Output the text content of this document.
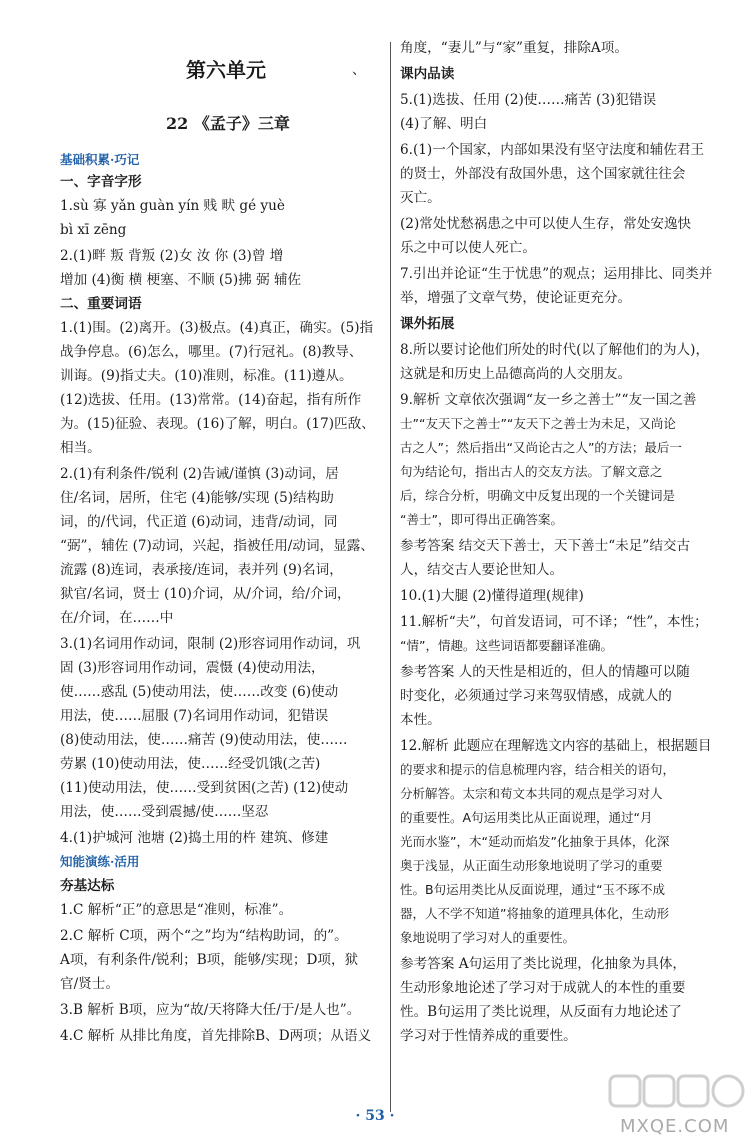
第六单元	、
22 《孟子》三章
基础积累·巧记
一、字音字形
1.sù 寡 yǎn guàn yín 贱 畎 gé yuè
bì xī zēng
2.(1)畔 叛 背叛 (2)女 汝 你 (3)曾 增
增加 (4)衡 横 梗塞、不顺 (5)拂 弼 辅佐
二、重要词语
1.(1)围。(2)离开。(3)极点。(4)真正，确实。(5)指
战争停息。(6)怎么，哪里。(7)行冠礼。(8)教导、
训诲。(9)指丈夫。(10)准则，标准。(11)遵从。
(12)选拔、任用。(13)常常。(14)奋起，指有所作
为。(15)征验、表现。(16)了解，明白。(17)匹敌、
相当。
2.(1)有利条件/锐利 (2)告诫/谨慎 (3)动词，居
住/名词，居所，住宅 (4)能够/实现 (5)结构助
词，的/代词，代正道 (6)动词，违背/动词，同
“弼”，辅佐 (7)动词，兴起，指被任用/动词，显露、
流露 (8)连词，表承接/连词，表并列 (9)名词，
狱官/名词，贤士 (10)介词，从/介词，给/介词，
在/介词，在……中
3.(1)名词用作动词，限制 (2)形容词用作动词，巩
固 (3)形容词用作动词，震慑 (4)使动用法，
使……惑乱 (5)使动用法，使……改变 (6)使动
用法，使……屈服 (7)名词用作动词，犯错误
(8)使动用法，使……痛苦 (9)使动用法，使……
劳累 (10)使动用法，使……经受饥饿(之苦)
(11)使动用法，使……受到贫困(之苦) (12)使动
用法，使……受到震撼/使……坚忍
4.(1)护城河 池塘 (2)捣土用的杵 建筑、修建
知能演练·活用
夯基达标
1.C 解析“正”的意思是“准则，标准”。
2.C 解析 C项，两个“之”均为“结构助词，的”。
A项，有利条件/锐利；B项，能够/实现；D项，狱
官/贤士。
3.B 解析 B项，应为“故/天将降大任/于/是人也”。
4.C 解析 从排比角度，首先排除B、D两项；从语义
角度，“妻儿”与“家”重复，排除A项。
课内品读
5.(1)选拔、任用 (2)使……痛苦 (3)犯错误
(4)了解、明白
6.(1)一个国家，内部如果没有坚守法度和辅佐君王
的贤士，外部没有敌国外患，这个国家就往往会
灭亡。
(2)常处忧愁祸患之中可以使人生存，常处安逸快
乐之中可以使人死亡。
7.引出并论证“生于忧患”的观点；运用排比、同类并
举，增强了文章气势，使论证更充分。
课外拓展
8.所以要讨论他们所处的时代(以了解他们的为人)，
这就是和历史上品德高尚的人交朋友。
9.解析 文章依次强调“友一乡之善士”“友一国之善
士”“友天下之善士”“友天下之善士为未足，又尚论
古之人”；然后指出“又尚论古之人”的方法；最后一
句为结论句，指出古人的交友方法。了解文意之
后，综合分析，明确文中反复出现的一个关键词是
“善士”，即可得出正确答案。
参考答案 结交天下善士，天下善士“未足”结交古
人，结交古人要论世知人。
10.(1)大腿 (2)懂得道理(规律)
11.解析“夫”，句首发语词，可不译；“性”，本性；
“情”，情趣。这些词语都要翻译准确。
参考答案 人的天性是相近的，但人的情趣可以随
时变化，必须通过学习来驾驭情感，成就人的
本性。
12.解析 此题应在理解选文内容的基础上，根据题目
的要求和提示的信息梳理内容，结合相关的语句，
分析解答。太宗和荀文本共同的观点是学习对人
的重要性。A句运用类比从正面说理，通过“月
光而水鉴”，木“延动而焰发”化抽象于具体，化深
奥于浅显，从正面生动形象地说明了学习的重要
性。B句运用类比从反面说理，通过“玉不琢不成
器，人不学不知道”将抽象的道理具体化，生动形
象地说明了学习对人的重要性。
参考答案 A句运用了类比说理，化抽象为具体，
生动形象地论述了学习对于成就人的本性的重要
性。B句运用了类比说理，从反面有力地论述了
学习对于性情养成的重要性。
MXQE.COM
· 53 ·
